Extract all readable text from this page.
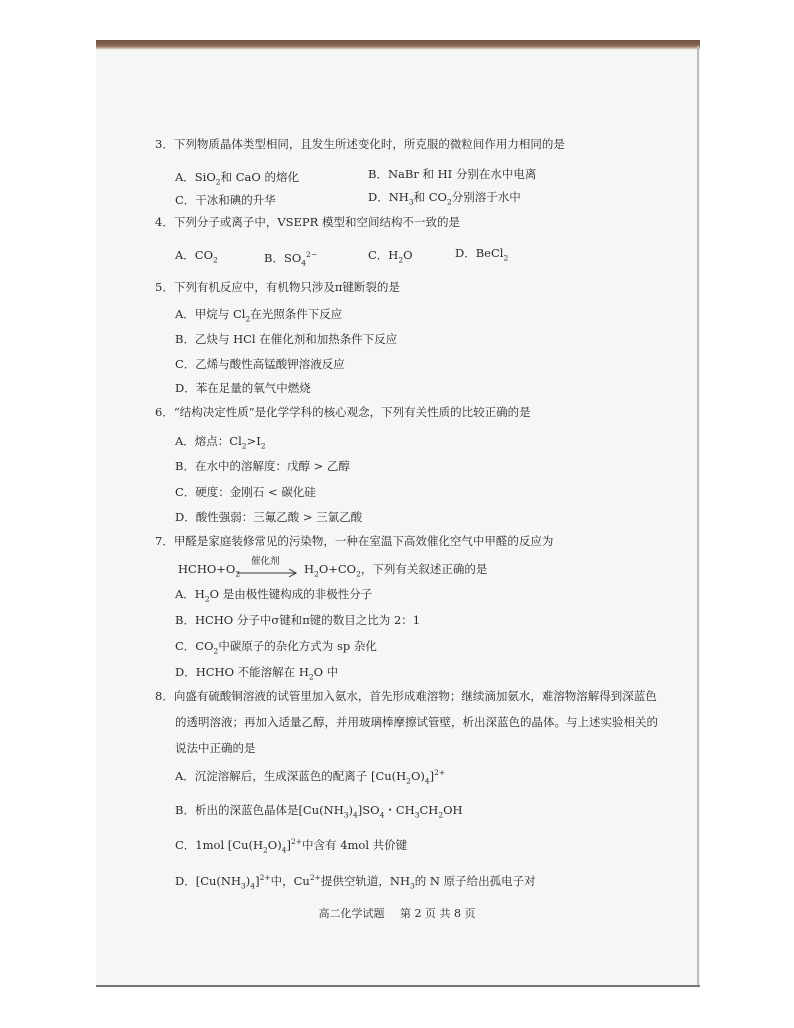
3．下列物质晶体类型相同，且发生所述变化时，所克服的微粒间作用力相同的是
A．SiO$_2$和 CaO 的熔化	B．NaBr 和 HI 分别在水中电离
C．干冰和碘的升华	D．$NH_3$和 $CO_2$分别溶于水中
4．下列分子或离子中，VSEPR 模型和空间结构不一致的是
A．$CO_2$	B．$SO_4^{2-}$	C．$H_2O$	D．BeCl$_2$
5．下列有机反应中，有机物只涉及π键断裂的是
A．甲烷与 $Cl_2$在光照条件下反应
B．乙炔与 HCl 在催化剂和加热条件下反应
C．乙烯与酸性高锰酸钾溶液反应
D．苯在足量的氧气中燃烧
6．“结构决定性质”是化学学科的核心观念，下列有关性质的比较正确的是
A．熔点：$Cl_2>I_2$
B．在水中的溶解度：戊醇 > 乙醇
C．硬度：金刚石 < 碳化硅
D．酸性强弱：三氟乙酸 > 三氯乙酸
7．甲醛是家庭装修常见的污染物，一种在室温下高效催化空气中甲醛的反应为
$HCHO+O_2$
催化剂
→ $H_2O+CO_2$，下列有关叙述正确的是
A．$H_2O$ 是由极性键构成的非极性分子
B．HCHO 分子中σ键和π键的数目之比为 2：1
C．$CO_2$中碳原子的杂化方式为 sp 杂化
D．HCHO 不能溶解在 $H_2O$ 中
8．向盛有硫酸铜溶液的试管里加入氨水，首先形成难溶物；继续滴加氨水，难溶物溶解得到深蓝色
的透明溶液；再加入适量乙醇，并用玻璃棒摩擦试管壁，析出深蓝色的晶体。与上述实验相关的
说法中正确的是
A．沉淀溶解后，生成深蓝色的配离子 $[Cu(H_2O)_4]^{2+}$
B．析出的深蓝色晶体是$[Cu(NH_3)_4]SO_4$・$CH_3CH_2OH$
C．1mol $[Cu(H_2O)_4]^{2+}$中含有 4mol 共价键
D．$[Cu(NH_3)_4]^{2+}$中，$Cu^{2+}$提供空轨道，$NH_3$的 N 原子给出孤电子对
高二化学试题 第 2 页 共 8 页
